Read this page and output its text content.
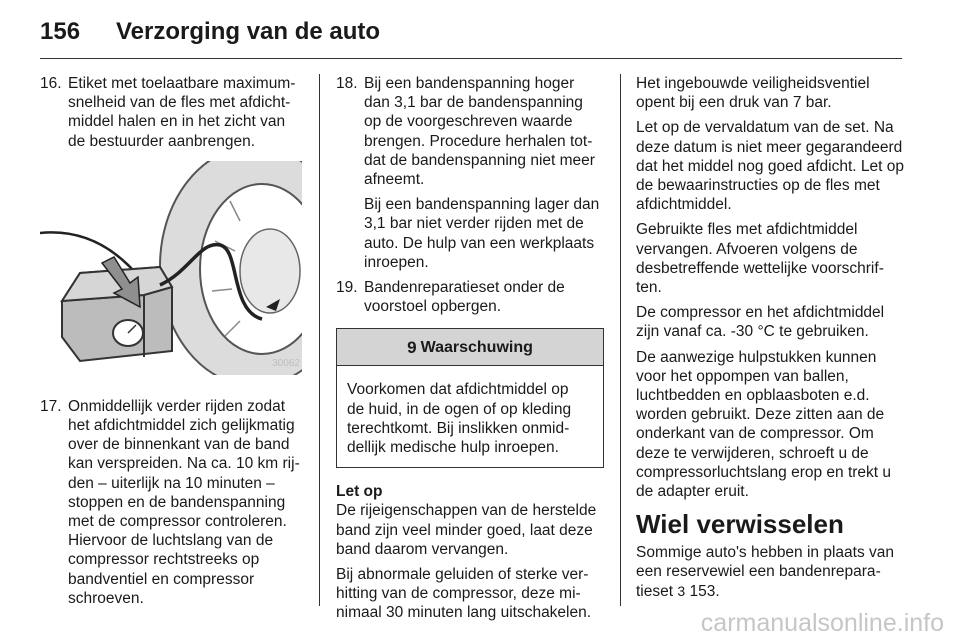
156 Verzorging van de auto
16. Etiket met toelaatbare maximumsnelheid van de fles met afdichtmiddel halen en in het zicht van de bestuurder aanbrengen.

30062
17. Onmiddellijk verder rijden zodat het afdichtmiddel zich gelijkmatig over de binnenkant van de band kan verspreiden. Na ca. 10 km rijden – uiterlijk na 10 minuten – stoppen en de bandenspanning met de compressor controleren. Hiervoor de luchtslang van de compressor rechtstreeks op bandventiel en compressor schroeven.

18. Bij een bandenspanning hoger dan 3,1 bar de bandenspanning op de voorgeschreven waarde brengen. Procedure herhalen totdat de bandenspanning niet meer afneemt.

Bij een bandenspanning lager dan 3,1 bar niet verder rijden met de auto. De hulp van een werkplaats inroepen.

19. Bandenreparatieset onder de voorstoel opbergen.

9 Waarschuwing
Voorkomen dat afdichtmiddel op de huid, in de ogen of op kleding terechtkomt. Bij inslikken onmiddellijk medische hulp inroepen.
Let op

De rijeigenschappen van de herstelde band zijn veel minder goed, laat deze band daarom vervangen.

Bij abnormale geluiden of sterke verhitting van de compressor, deze minimaal 30 minuten lang uitschakelen.

Het ingebouwde veiligheidsventiel opent bij een druk van 7 bar.

Let op de vervaldatum van de set. Na deze datum is niet meer gegarandeerd dat het middel nog goed afdicht. Let op de bewaarinstructies op de fles met afdichtmiddel.

Gebruikte fles met afdichtmiddel vervangen. Afvoeren volgens de desbetreffende wettelijke voorschriften.

De compressor en het afdichtmiddel zijn vanaf ca. -30 °C te gebruiken.

De aanwezige hulpstukken kunnen voor het oppompen van ballen, luchtbedden en opblaasboten e.d. worden gebruikt. Deze zitten aan de onderkant van de compressor. Om deze te verwijderen, schroeft u de compressorluchtslang erop en trekt u de adapter eruit.

Wiel verwisselen

Sommige auto's hebben in plaats van een reservewiel een bandenreparatieset 3 153.

carmanualsonline.info
